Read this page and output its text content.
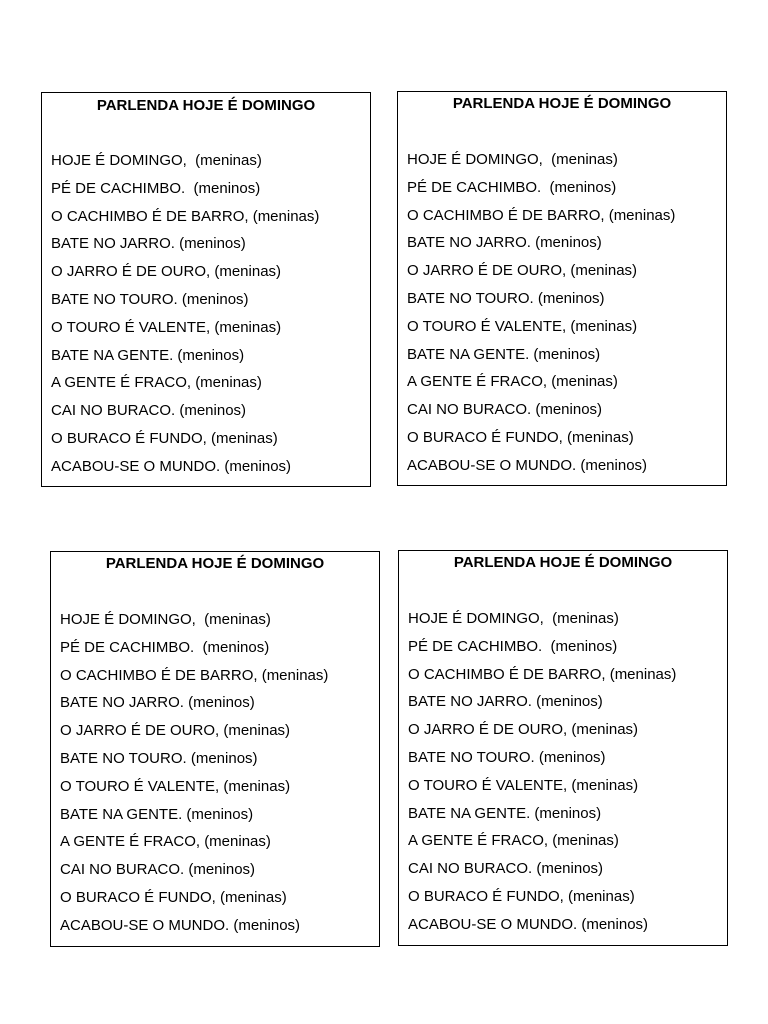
PARLENDA HOJE É DOMINGO
HOJE É DOMINGO,  (meninas)
PÉ DE CACHIMBO.  (meninos)
O CACHIMBO É DE BARRO, (meninas)
BATE NO JARRO. (meninos)
O JARRO É DE OURO, (meninas)
BATE NO TOURO. (meninos)
O TOURO É VALENTE, (meninas)
BATE NA GENTE. (meninos)
A GENTE É FRACO, (meninas)
CAI NO BURACO. (meninos)
O BURACO É FUNDO, (meninas)
ACABOU-SE O MUNDO. (meninos)
PARLENDA HOJE É DOMINGO
HOJE É DOMINGO,  (meninas)
PÉ DE CACHIMBO.  (meninos)
O CACHIMBO É DE BARRO, (meninas)
BATE NO JARRO. (meninos)
O JARRO É DE OURO, (meninas)
BATE NO TOURO. (meninos)
O TOURO É VALENTE, (meninas)
BATE NA GENTE. (meninos)
A GENTE É FRACO, (meninas)
CAI NO BURACO. (meninos)
O BURACO É FUNDO, (meninas)
ACABOU-SE O MUNDO. (meninos)
PARLENDA HOJE É DOMINGO
HOJE É DOMINGO,  (meninas)
PÉ DE CACHIMBO.  (meninos)
O CACHIMBO É DE BARRO, (meninas)
BATE NO JARRO. (meninos)
O JARRO É DE OURO, (meninas)
BATE NO TOURO. (meninos)
O TOURO É VALENTE, (meninas)
BATE NA GENTE. (meninos)
A GENTE É FRACO, (meninas)
CAI NO BURACO. (meninos)
O BURACO É FUNDO, (meninas)
ACABOU-SE O MUNDO. (meninos)
PARLENDA HOJE É DOMINGO
HOJE É DOMINGO,  (meninas)
PÉ DE CACHIMBO.  (meninos)
O CACHIMBO É DE BARRO, (meninas)
BATE NO JARRO. (meninos)
O JARRO É DE OURO, (meninas)
BATE NO TOURO. (meninos)
O TOURO É VALENTE, (meninas)
BATE NA GENTE. (meninos)
A GENTE É FRACO, (meninas)
CAI NO BURACO. (meninos)
O BURACO É FUNDO, (meninas)
ACABOU-SE O MUNDO. (meninos)
